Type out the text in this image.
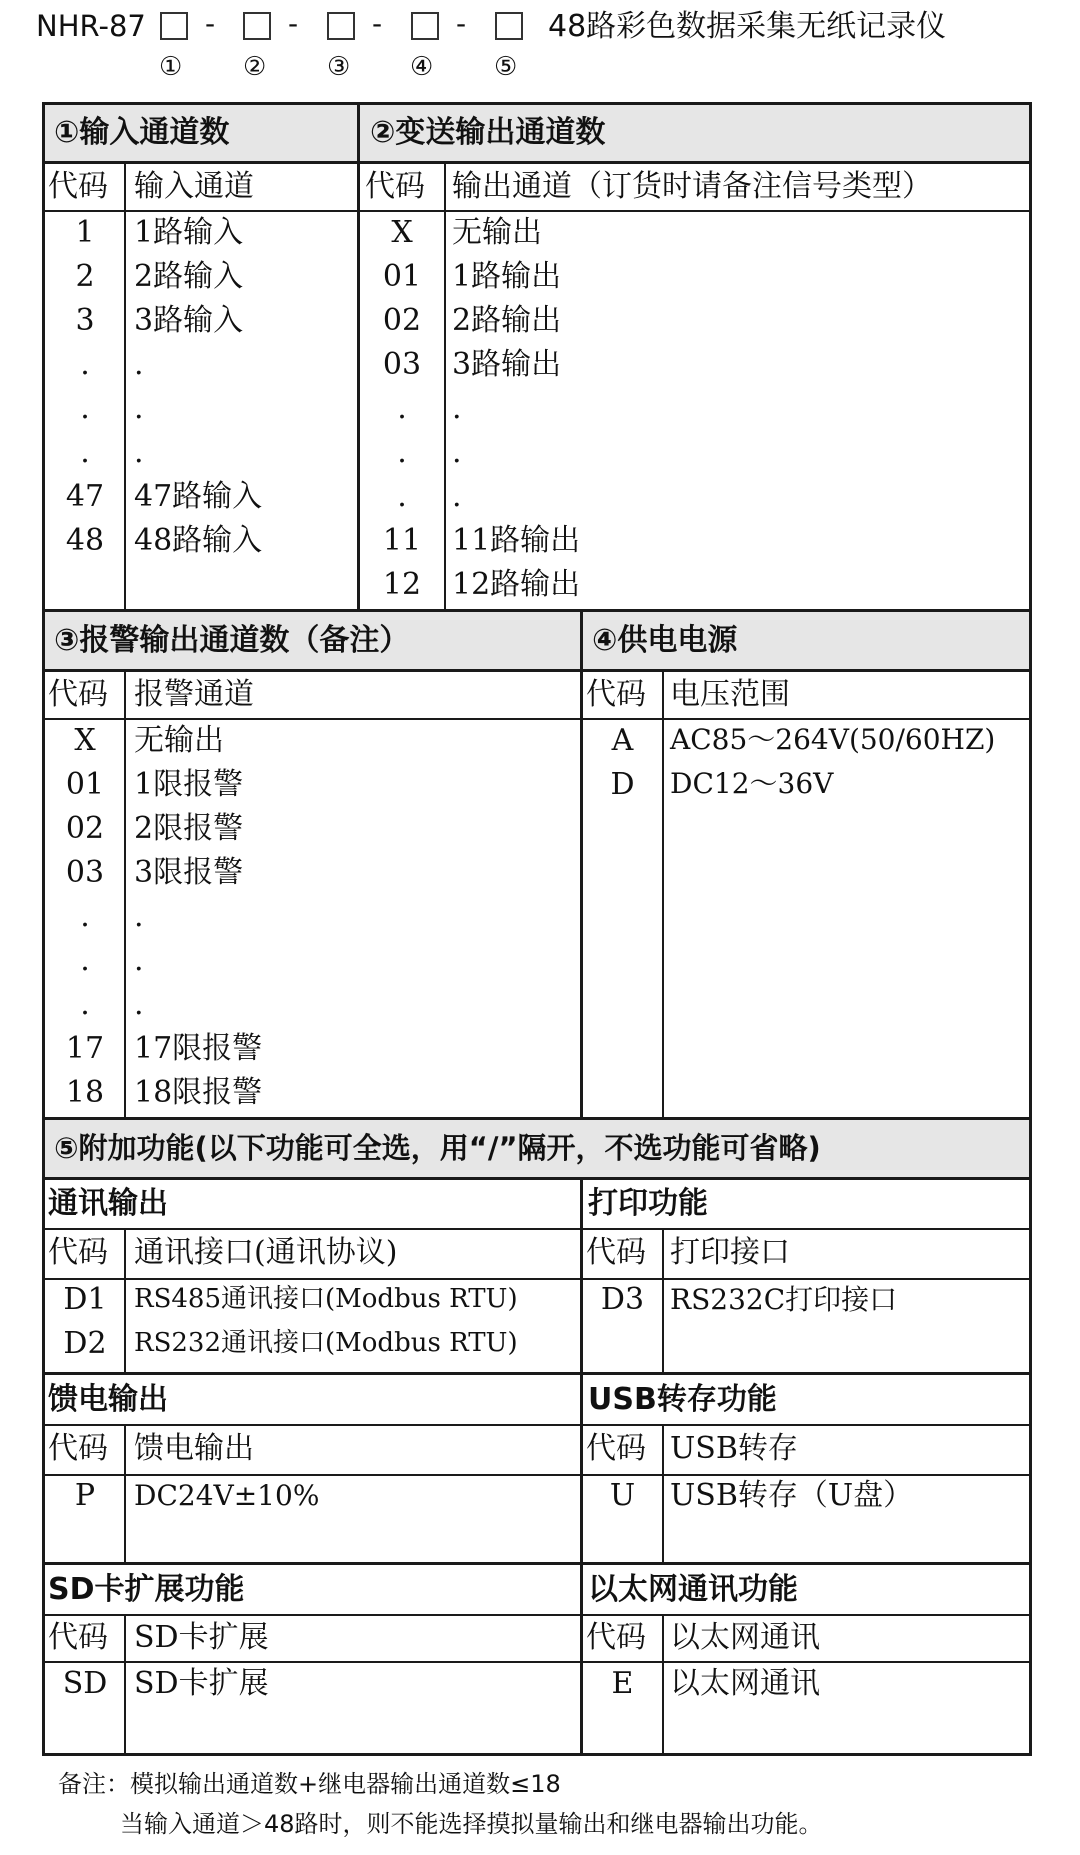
NHR-87 -	-	-	-
① ② ③ ④ ⑤
48路彩色数据采集无纸记录仪
①输入通道数
代码 输入通道
1	1路输入
2	2路输入
3	3路输入
.	.
.	.
.	.
47 47路输入
48 48路输入
②变送输出通道数
代码 输出通道（订货时请备注信号类型）
X	无输出
01	1路输出
02	2路输出
03	3路输出
.	.
.	.
.	.
11	11路输出
12	12路输出
③报警输出通道数（备注）
代码 报警通道
X	无输出
01 1限报警
02 2限报警
03 3限报警
.	.
.	.
.	.
17 17限报警
18 18限报警
④供电电源
代码 电压范围
A	AC85～264V(50/60HZ)
D	DC12～36V
⑤附加功能(以下功能可全选，用“/”隔开，不选功能可省略)
通讯输出
代码 通讯接口(通讯协议)
D1	RS485通讯接口(Modbus RTU)
D2	RS232通讯接口(Modbus RTU)
打印功能
代码 打印接口
D3 RS232C打印接口
馈电输出
代码 馈电输出
P	DC24V±10%
USB转存功能
代码 USB转存
U	USB转存（U盘）
SD卡扩展功能
代码 SD卡扩展
SD SD卡扩展
以太网通讯功能
代码 以太网通讯
E	以太网通讯
备注：模拟输出通道数+继电器输出通道数≤18
当输入通道＞48路时，则不能选择摸拟量输出和继电器输出功能。
